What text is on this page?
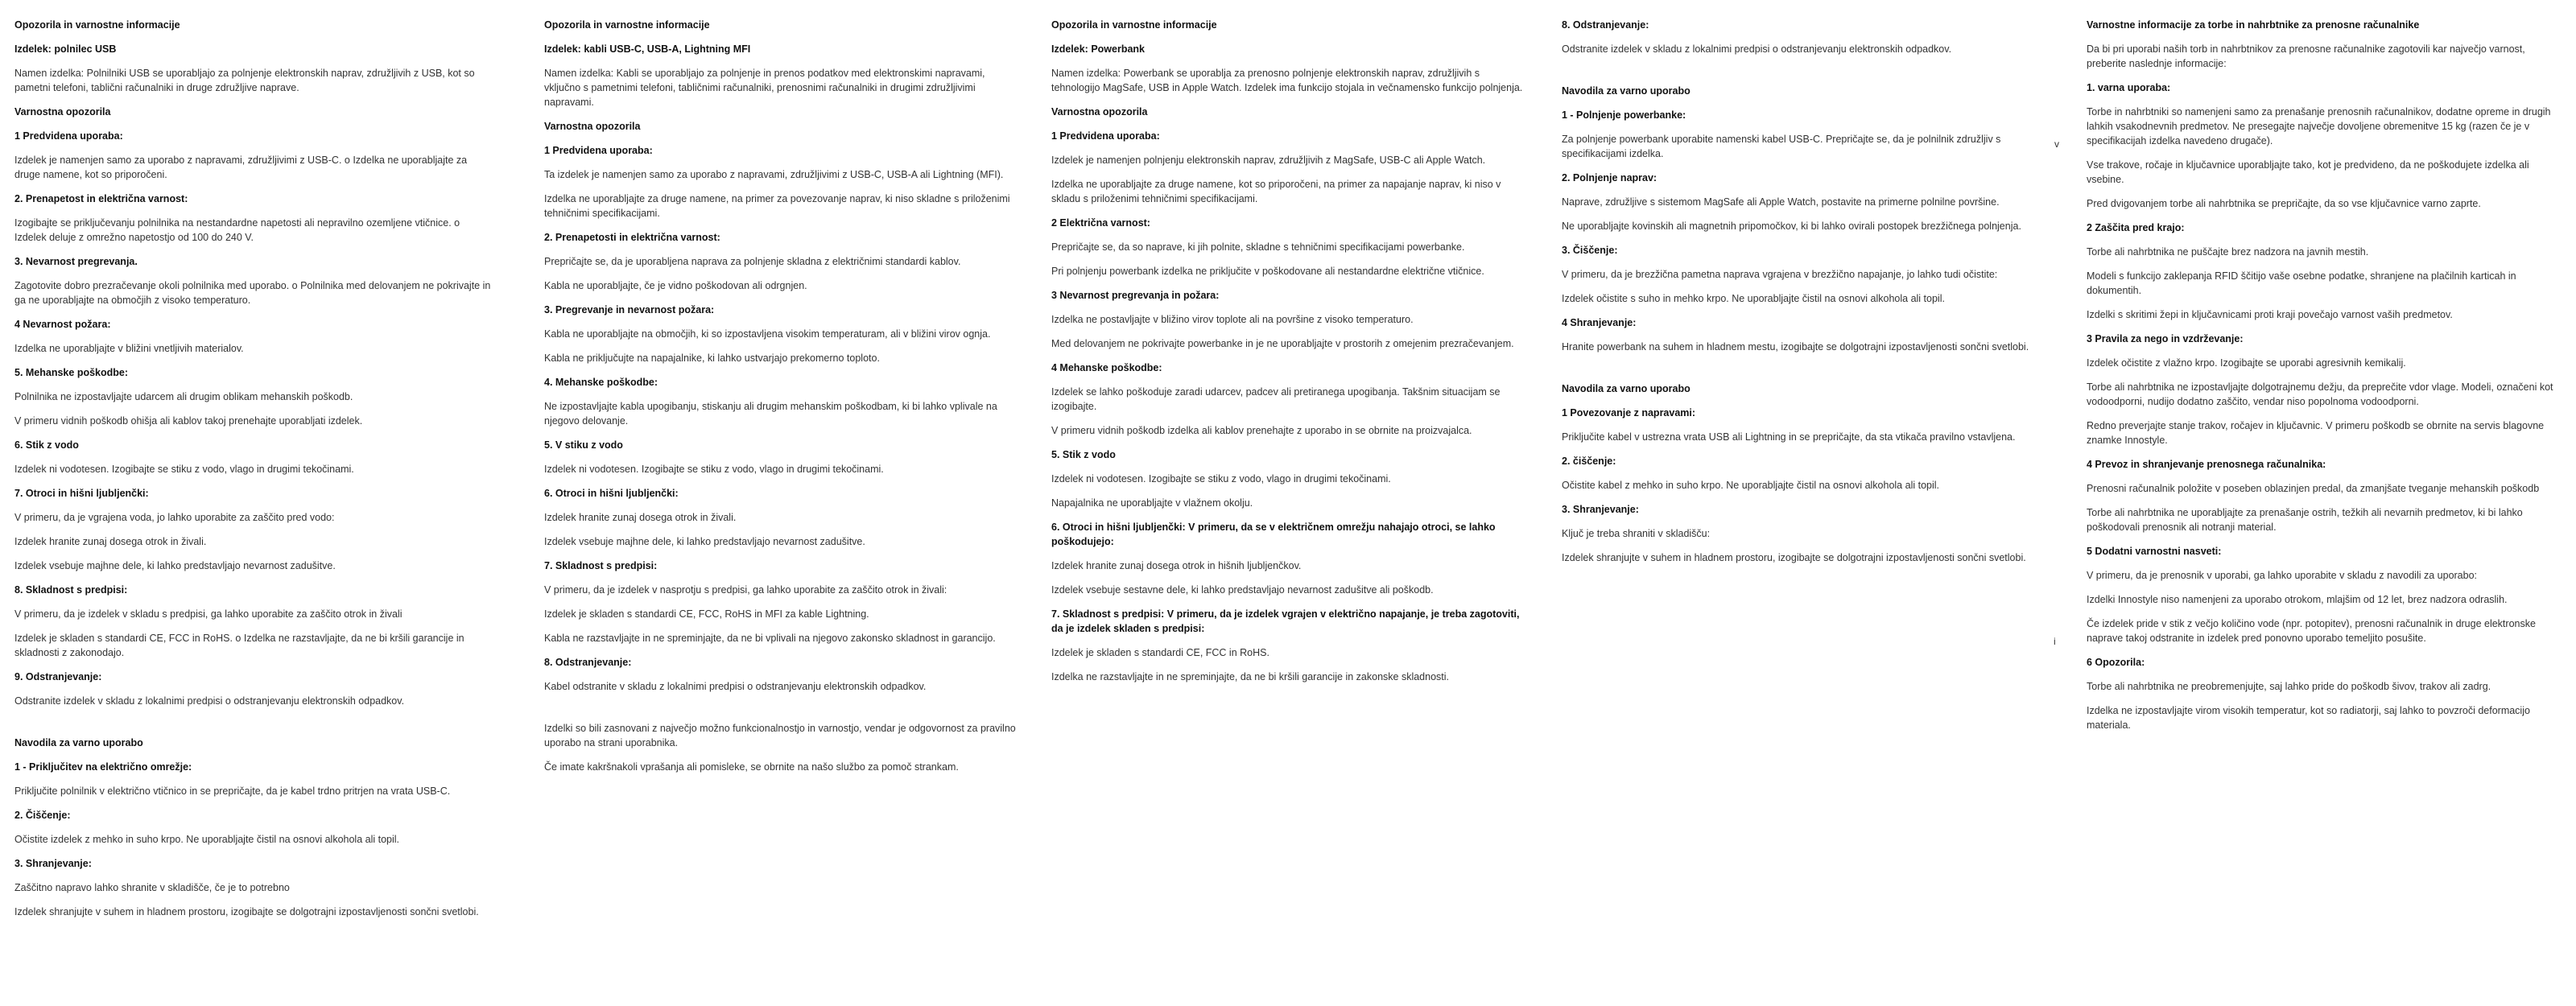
Opozorila in varnostne informacije

Izdelek: polnilec USB

Namen izdelka: Polnilniki USB se uporabljajo za polnjenje elektronskih naprav, združljivih z USB, kot so pametni telefoni, tablični računalniki in druge združljive naprave.

Varnostna opozorila

1 Predvidena uporaba:

Izdelek je namenjen samo za uporabo z napravami, združljivimi z USB-C. o Izdelka ne uporabljajte za druge namene, kot so priporočeni.

2. Prenapetost in električna varnost:

Izogibajte se priključevanju polnilnika na nestandardne napetosti ali nepravilno ozemljene vtičnice. o Izdelek deluje z omrežno napetostjo od 100 do 240 V.

3. Nevarnost pregrevanja.

Zagotovite dobro prezračevanje okoli polnilnika med uporabo. o Polnilnika med delovanjem ne pokrivajte in ga ne uporabljajte na območjih z visoko temperaturo.

4 Nevarnost požara:

Izdelka ne uporabljajte v bližini vnetljivih materialov.

5. Mehanske poškodbe:

Polnilnika ne izpostavljajte udarcem ali drugim oblikam mehanskih poškodb.

V primeru vidnih poškodb ohišja ali kablov takoj prenehajte uporabljati izdelek.

6. Stik z vodo

Izdelek ni vodotesen. Izogibajte se stiku z vodo, vlago in drugimi tekočinami.

7. Otroci in hišni ljubljenčki:

V primeru, da je vgrajena voda, jo lahko uporabite za zaščito pred vodo:

Izdelek hranite zunaj dosega otrok in živali.

Izdelek vsebuje majhne dele, ki lahko predstavljajo nevarnost zadušitve.

8. Skladnost s predpisi:

V primeru, da je izdelek v skladu s predpisi, ga lahko uporabite za zaščito otrok in živali

Izdelek je skladen s standardi CE, FCC in RoHS. o Izdelka ne razstavljajte, da ne bi kršili garancije in skladnosti z zakonodajo.

9. Odstranjevanje:

Odstranite izdelek v skladu z lokalnimi predpisi o odstranjevanju elektronskih odpadkov.

Navodila za varno uporabo

1 - Priključitev na električno omrežje:

Priključite polnilnik v električno vtičnico in se prepričajte, da je kabel trdno pritrjen na vrata USB-C.

2. Čiščenje:

Očistite izdelek z mehko in suho krpo. Ne uporabljajte čistil na osnovi alkohola ali topil.

3. Shranjevanje:

Zaščitno napravo lahko shranite v skladišče, če je to potrebno

Izdelek shranjujte v suhem in hladnem prostoru, izogibajte se dolgotrajni izpostavljenosti sončni svetlobi.

Opozorila in varnostne informacije

Izdelek: kabli USB-C, USB-A, Lightning MFI

Namen izdelka: Kabli se uporabljajo za polnjenje in prenos podatkov med elektronskimi napravami, vključno s pametnimi telefoni, tabličnimi računalniki, prenosnimi računalniki in drugimi združljivimi napravami.

Varnostna opozorila

1 Predvidena uporaba:

Ta izdelek je namenjen samo za uporabo z napravami, združljivimi z USB-C, USB-A ali Lightning (MFI).

Izdelka ne uporabljajte za druge namene, na primer za povezovanje naprav, ki niso skladne s priloženimi tehničnimi specifikacijami.

2. Prenapetosti in električna varnost:

Prepričajte se, da je uporabljena naprava za polnjenje skladna z električnimi standardi kablov.

Kabla ne uporabljajte, če je vidno poškodovan ali odrgnjen.

3. Pregrevanje in nevarnost požara:

Kabla ne uporabljajte na območjih, ki so izpostavljena visokim temperaturam, ali v bližini virov ognja.

Kabla ne priključujte na napajalnike, ki lahko ustvarjajo prekomerno toploto.

4. Mehanske poškodbe:

Ne izpostavljajte kabla upogibanju, stiskanju ali drugim mehanskim poškodbam, ki bi lahko vplivale na njegovo delovanje.

5. V stiku z vodo

Izdelek ni vodotesen. Izogibajte se stiku z vodo, vlago in drugimi tekočinami.

6. Otroci in hišni ljubljenčki:

Izdelek hranite zunaj dosega otrok in živali.

Izdelek vsebuje majhne dele, ki lahko predstavljajo nevarnost zadušitve.

7. Skladnost s predpisi:

V primeru, da je izdelek v nasprotju s predpisi, ga lahko uporabite za zaščito otrok in živali:

Izdelek je skladen s standardi CE, FCC, RoHS in MFI za kable Lightning.

Kabla ne razstavljajte in ne spreminjajte, da ne bi vplivali na njegovo zakonsko skladnost in garancijo.

8. Odstranjevanje:

Kabel odstranite v skladu z lokalnimi predpisi o odstranjevanju elektronskih odpadkov.

Izdelki so bili zasnovani z največjo možno funkcionalnostjo in varnostjo, vendar je odgovornost za pravilno uporabo na strani uporabnika.

Če imate kakršnakoli vprašanja ali pomisleke, se obrnite na našo službo za pomoč strankam.

Opozorila in varnostne informacije

Izdelek: Powerbank

Namen izdelka: Powerbank se uporablja za prenosno polnjenje elektronskih naprav, združljivih s tehnologijo MagSafe, USB in Apple Watch. Izdelek ima funkcijo stojala in večnamensko funkcijo polnjenja.

Varnostna opozorila

1 Predvidena uporaba:

Izdelek je namenjen polnjenju elektronskih naprav, združljivih z MagSafe, USB-C ali Apple Watch.

Izdelka ne uporabljajte za druge namene, kot so priporočeni, na primer za napajanje naprav, ki niso v skladu s priloženimi tehničnimi specifikacijami.

2 Električna varnost:

Prepričajte se, da so naprave, ki jih polnite, skladne s tehničnimi specifikacijami powerbanke.

Pri polnjenju powerbank izdelka ne priključite v poškodovane ali nestandardne električne vtičnice.

3 Nevarnost pregrevanja in požara:

Izdelka ne postavljajte v bližino virov toplote ali na površine z visoko temperaturo.

Med delovanjem ne pokrivajte powerbanke in je ne uporabljajte v prostorih z omejenim prezračevanjem.

4 Mehanske poškodbe:

Izdelek se lahko poškoduje zaradi udarcev, padcev ali pretiranega upogibanja. Takšnim situacijam se izogibajte.

V primeru vidnih poškodb izdelka ali kablov prenehajte z uporabo in se obrnite na proizvajalca.

5. Stik z vodo

Izdelek ni vodotesen. Izogibajte se stiku z vodo, vlago in drugimi tekočinami.

Napajalnika ne uporabljajte v vlažnem okolju.

6. Otroci in hišni ljubljenčki: V primeru, da se v električnem omrežju nahajajo otroci, se lahko poškodujejo:

Izdelek hranite zunaj dosega otrok in hišnih ljubljenčkov.

Izdelek vsebuje sestavne dele, ki lahko predstavljajo nevarnost zadušitve ali poškodb.

7. Skladnost s predpisi: V primeru, da je izdelek vgrajen v električno napajanje, je treba zagotoviti, da je izdelek skladen s predpisi:

Izdelek je skladen s standardi CE, FCC in RoHS.

Izdelka ne razstavljajte in ne spreminjajte, da ne bi kršili garancije in zakonske skladnosti.

8. Odstranjevanje:

Odstranite izdelek v skladu z lokalnimi predpisi o odstranjevanju elektronskih odpadkov.

Navodila za varno uporabo

1 - Polnjenje powerbanke:

Za polnjenje powerbank uporabite namenski kabel USB-C. Prepričajte se, da je polnilnik združljiv s specifikacijami izdelka.

2. Polnjenje naprav:

Naprave, združljive s sistemom MagSafe ali Apple Watch, postavite na primerne polnilne površine.

Ne uporabljajte kovinskih ali magnetnih pripomočkov, ki bi lahko ovirali postopek brezžičnega polnjenja.

3. Čiščenje:

V primeru, da je brezžična pametna naprava vgrajena v brezžično napajanje, jo lahko tudi očistite:

Izdelek očistite s suho in mehko krpo. Ne uporabljajte čistil na osnovi alkohola ali topil.

4 Shranjevanje:

Hranite powerbank na suhem in hladnem mestu, izogibajte se dolgotrajni izpostavljenosti sončni svetlobi.

Navodila za varno uporabo

1 Povezovanje z napravami:

Priključite kabel v ustrezna vrata USB ali Lightning in se prepričajte, da sta vtikača pravilno vstavljena.

2. čiščenje:

Očistite kabel z mehko in suho krpo. Ne uporabljajte čistil na osnovi alkohola ali topil.

3. Shranjevanje:

Ključ je treba shraniti v skladišču:

Izdelek shranjujte v suhem in hladnem prostoru, izogibajte se dolgotrajni izpostavljenosti sončni svetlobi.

Varnostne informacije za torbe in nahrbtnike za prenosne računalnike

Da bi pri uporabi naših torb in nahrbtnikov za prenosne računalnike zagotovili kar največjo varnost, preberite naslednje informacije:

1. varna uporaba:

Torbe in nahrbtniki so namenjeni samo za prenašanje prenosnih računalnikov, dodatne opreme in drugih lahkih vsakodnevnih predmetov. Ne presegajte največje dovoljene obremenitve 15 kg (razen če je v specifikacijah izdelka navedeno drugače).

Vse trakove, ročaje in ključavnice uporabljajte tako, kot je predvideno, da ne poškodujete izdelka ali vsebine.

Pred dvigovanjem torbe ali nahrbtnika se prepričajte, da so vse ključavnice varno zaprte.

2 Zaščita pred krajo:

Torbe ali nahrbtnika ne puščajte brez nadzora na javnih mestih.

Modeli s funkcijo zaklepanja RFID ščitijo vaše osebne podatke, shranjene na plačilnih karticah in dokumentih.

Izdelki s skritimi žepi in ključavnicami proti kraji povečajo varnost vaših predmetov.

3 Pravila za nego in vzdrževanje:

Izdelek očistite z vlažno krpo. Izogibajte se uporabi agresivnih kemikalij.

Torbe ali nahrbtnika ne izpostavljajte dolgotrajnemu dežju, da preprečite vdor vlage. Modeli, označeni kot vodoodporni, nudijo dodatno zaščito, vendar niso popolnoma vodoodporni.

Redno preverjajte stanje trakov, ročajev in ključavnic. V primeru poškodb se obrnite na servis blagovne znamke Innostyle.

4 Prevoz in shranjevanje prenosnega računalnika:

Prenosni računalnik položite v poseben oblazinjen predal, da zmanjšate tveganje mehanskih poškodb

Torbe ali nahrbtnika ne uporabljajte za prenašanje ostrih, težkih ali nevarnih predmetov, ki bi lahko poškodovali prenosnik ali notranji material.

5 Dodatni varnostni nasveti:

V primeru, da je prenosnik v uporabi, ga lahko uporabite v skladu z navodili za uporabo:

Izdelki Innostyle niso namenjeni za uporabo otrokom, mlajšim od 12 let, brez nadzora odraslih.

Če izdelek pride v stik z večjo količino vode (npr. potopitev), prenosni računalnik in druge elektronske naprave takoj odstranite in izdelek pred ponovno uporabo temeljito posušite.

6 Opozorila:

Torbe ali nahrbtnika ne preobremenjujte, saj lahko pride do poškodb šivov, trakov ali zadrg.

Izdelka ne izpostavljajte virom visokih temperatur, kot so radiatorji, saj lahko to povzroči deformacijo materiala.

v
i
